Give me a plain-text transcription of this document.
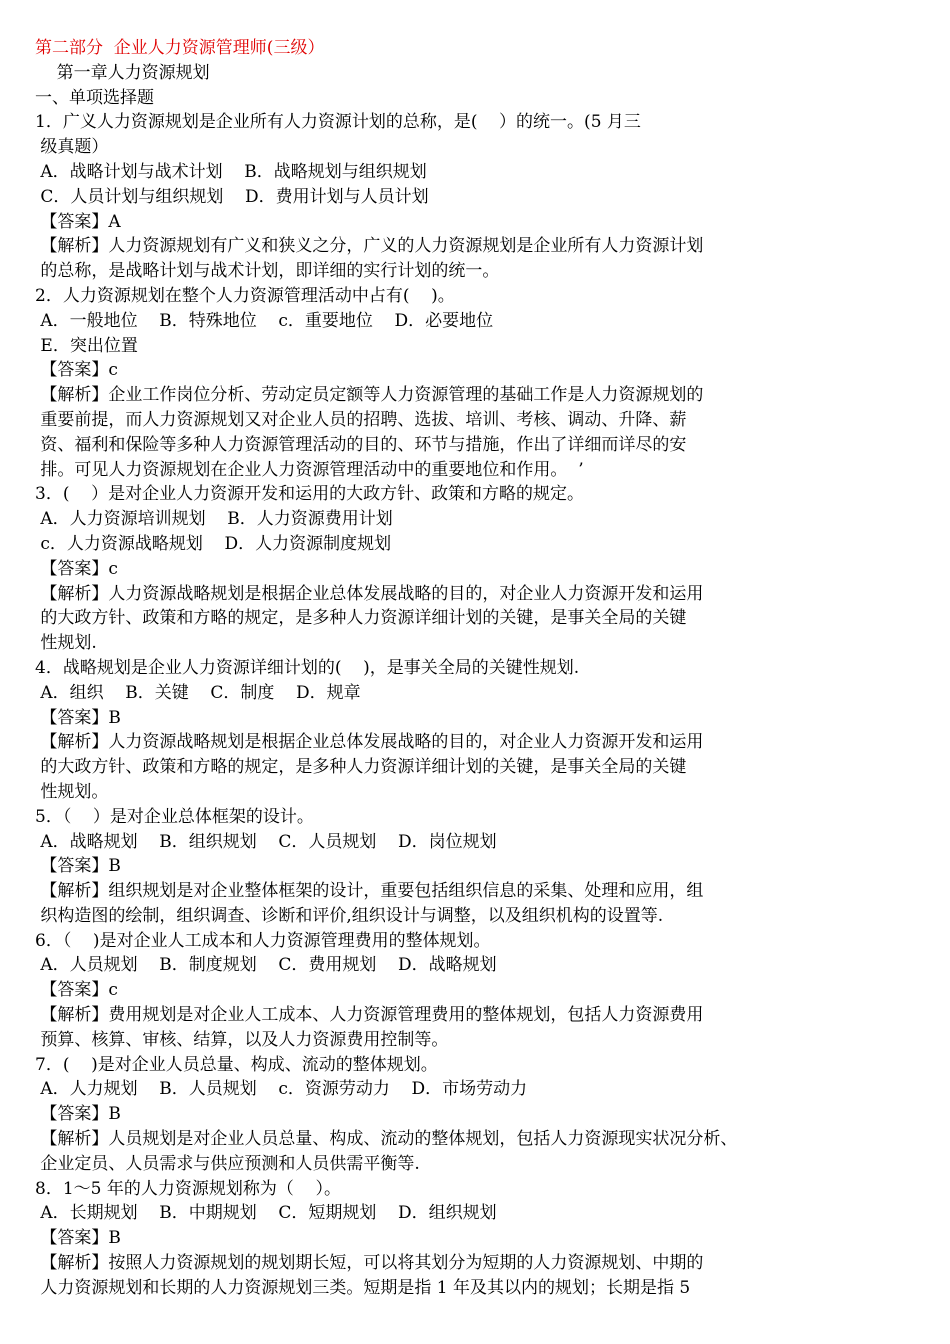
第二部分  企业人力资源管理师(三级）
第一章人力资源规划
一、单项选择题
1．广义人力资源规划是企业所有人力资源计划的总称，是(    ）的统一。(5 月三
级真题）
A．战略计划与战术计划    B．战略规划与组织规划
C．人员计划与组织规划    D．费用计划与人员计划
【答案】A
【解析】人力资源规划有广义和狭义之分，广义的人力资源规划是企业所有人力资源计划
的总称，是战略计划与战术计划，即详细的实行计划的统一。
2．人力资源规划在整个人力资源管理活动中占有(    )。
A．一般地位    B．特殊地位    c．重要地位    D．必要地位
E．突出位置
【答案】c
【解析】企业工作岗位分析、劳动定员定额等人力资源管理的基础工作是人力资源规划的
重要前提，而人力资源规划又对企业人员的招聘、选拔、培训、考核、调动、升降、薪
资、福利和保险等多种人力资源管理活动的目的、环节与措施，作出了详细而详尽的安
排。可见人力资源规划在企业人力资源管理活动中的重要地位和作用。  ’
3．(    ）是对企业人力资源开发和运用的大政方针、政策和方略的规定。
A．人力资源培训规划    B．人力资源费用计划
c．人力资源战略规划    D．人力资源制度规划
【答案】c
【解析】人力资源战略规划是根据企业总体发展战略的目的，对企业人力资源开发和运用
的大政方针、政策和方略的规定，是多种人力资源详细计划的关键，是事关全局的关键
性规划.
4．战略规划是企业人力资源详细计划的(    )，是事关全局的关键性规划.
A．组织    B．关键    C．制度    D．规章
【答案】B
【解析】人力资源战略规划是根据企业总体发展战略的目的，对企业人力资源开发和运用
的大政方针、政策和方略的规定，是多种人力资源详细计划的关键，是事关全局的关键
性规划。
5．（    ）是对企业总体框架的设计。
A．战略规划    B．组织规划    C．人员规划    D．岗位规划
【答案】B
【解析】组织规划是对企业整体框架的设计，重要包括组织信息的采集、处理和应用，组
织构造图的绘制，组织调查、诊断和评价,组织设计与调整，以及组织机构的设置等.
6．（    )是对企业人工成本和人力资源管理费用的整体规划。
A．人员规划    B．制度规划    C．费用规划    D．战略规划
【答案】c
【解析】费用规划是对企业人工成本、人力资源管理费用的整体规划，包括人力资源费用
预算、核算、审核、结算，以及人力资源费用控制等。
7．(    )是对企业人员总量、构成、流动的整体规划。
A．人力规划    B．人员规划    c．资源劳动力    D．市场劳动力
【答案】B
【解析】人员规划是对企业人员总量、构成、流动的整体规划，包括人力资源现实状况分析、
企业定员、人员需求与供应预测和人员供需平衡等.
8．1～5 年的人力资源规划称为（    ）。
A．长期规划    B．中期规划    C．短期规划    D．组织规划
【答案】B
【解析】按照人力资源规划的规划期长短，可以将其划分为短期的人力资源规划、中期的
人力资源规划和长期的人力资源规划三类。短期是指 1 年及其以内的规划；长期是指 5
